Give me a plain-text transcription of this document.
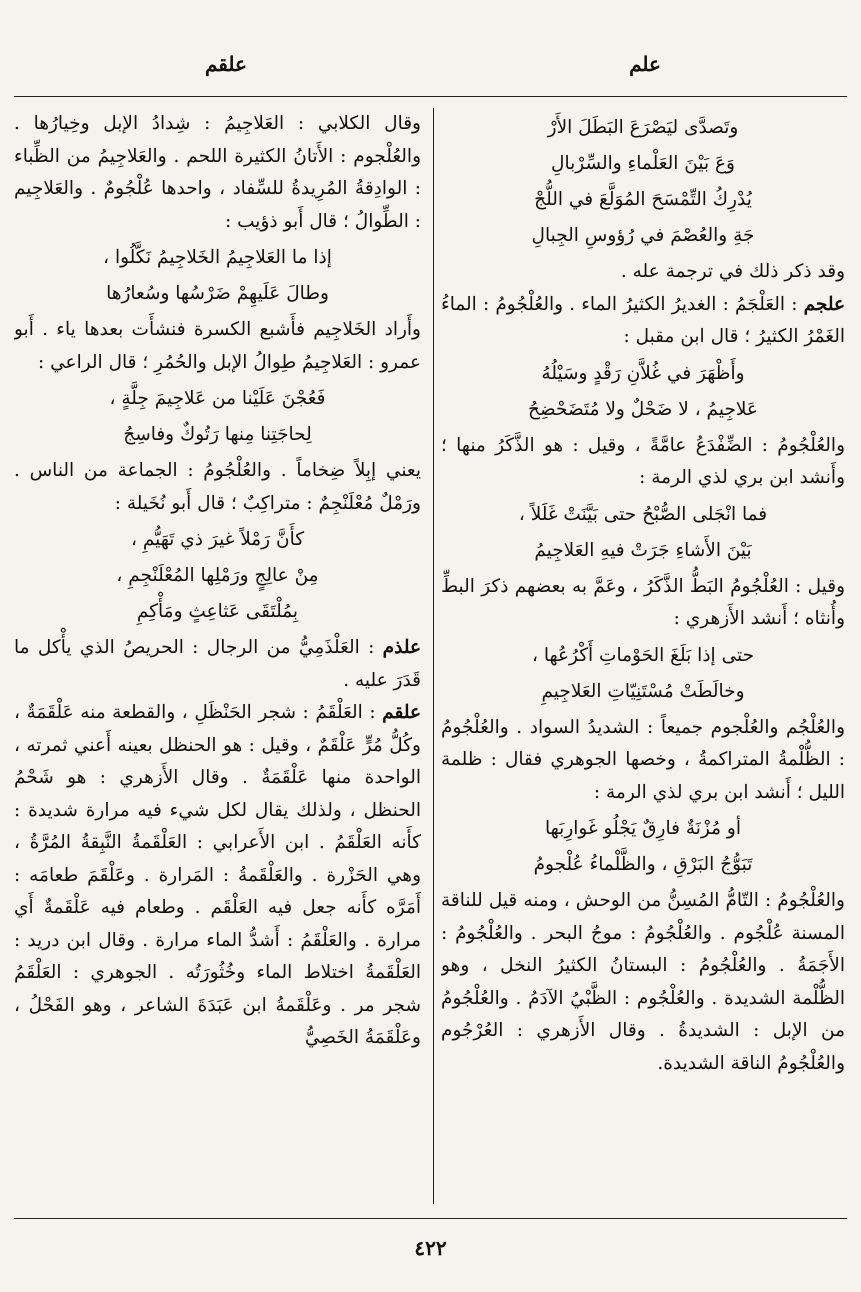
علم
علقم
وتَصدَّى ليَصْرَعَ البَطَلَ الأَرْ
وَعَ بَيْنَ العَلْماءِ والسِّرْبالِ
يُدْرِكُ التِّمْسَحَ المُوَلَّعَ في اللُّجْ
جَةِ والعُصْمَ في رُؤوسِ الجِبالِ

وقد ذكر ذلك في ترجمة عله .

علجم : العَلْجَمُ : الغديرُ الكثيرُ الماء . والعُلْجُومُ : الماءُ الغَمْرُ الكثيرُ ؛ قال ابن مقبل :

وأَظْهَرَ في غُلاَّنِ رَقْدٍ وسَيْلُهُ
عَلاجِيمُ ، لا ضَحْلٌ ولا مُتَضَحْضِحُ

والعُلْجُومُ : الضِّفْدَعُ عامَّةً ، وقيل : هو الذَّكَرُ منها ؛ وأَنشد ابن بري لذي الرمة :

فما انْجَلى الصُّبْحُ حتى بَيَّنَتْ غَلَلاً ،
بَيْنَ الأَشاءِ جَرَتْ فيهِ العَلاجِيمُ

وقيل : العُلْجُومُ البَطُّ الذَّكَرُ ، وعَمَّ به بعضهم ذكرَ البطِّ وأُنثاه ؛ أَنشد الأَزهري :

حتى إذا بَلَغَ الحَوْماتِ أَكْرُعُها ،
وخالَطَتْ مُسْتَنِيّاتِ العَلاجِيمِ

والعُلْجُم والعُلْجوم جميعاً : الشديدُ السواد . والعُلْجُومُ : الظُّلْمةُ المتراكمةُ ، وخصها الجوهري فقال : ظلمة الليل ؛ أَنشد ابن بري لذي الرمة :

أو مُزْنَةٌ فارِقٌ يَجْلُو غَوارِبَها
تَبَوُّجُ البَرْقِ ، والظَّلْماءُ عُلْجومُ

والعُلْجُومُ : التّامُّ المُسِنُّ من الوحش ، ومنه قيل للناقة المسنة عُلْجُوم . والعُلْجُومُ : موجُ البحر . والعُلْجُومُ : الأَجَمَةُ . والعُلْجُومُ : البستانُ الكثيرُ النخل ، وهو الظُّلْمة الشديدة . والعُلْجُوم : الظَّبْيُ الآدَمُ . والعُلْجُومُ من الإبل : الشديدةُ . وقال الأَزهري : العُرْجُوم والعُلْجُومُ الناقة الشديدة.

وقال الكلابي : العَلاجِيمُ : شِدادُ الإبل وخِيارُها . والعُلْجوم : الأَتانُ الكثيرة اللحم . والعَلاجِيمُ من الظِّباء : الوادِقةُ المُرِيدةُ للسِّفاد ، واحدها عُلْجُومٌ . والعَلاجِيم : الطِّوالُ ؛ قال أَبو ذؤيب :

إذا ما العَلاجِيمُ الخَلاجِيمُ نَكَّلُوا ،
وطالَ عَلَيهِمْ ضَرْسُها وسُعارُها

وأَراد الخَلاجِيم فأَشبع الكسرة فنشأَت بعدها ياء . أَبو عمرو : العَلاجِيمُ طِوالُ الإبل والحُمُرِ ؛ قال الراعي :

فَعُجْنَ عَلَيْنا من عَلاجِيمَ جِلَّةٍ ،
لِحاجَتِنا مِنها رَتُوكٌ وفاسِجُ

يعني إبِلاً ضِخاماً . والعُلْجُومُ : الجماعة من الناس . ورَمْلٌ مُعْلَنْجِمٌ : متراكِبٌ ؛ قال أَبو نُخَيلة :

كأَنَّ رَمْلاً غيرَ ذي تَهَيُّمِ ،
مِنْ عالِجٍ ورَمْلِها المُعْلَنْجِمِ ،
بِمُلْتَقَى عَثاعِثٍ ومَأْكِمِ

علذم : العَلْذَمِيُّ من الرجال : الحريصُ الذي يأْكل ما قَدَرَ عليه .

علقم : العَلْقَمُ : شجر الحَنْظَلِ ، والقطعة منه عَلْقَمَةٌ ، وكُلُّ مُرٍّ عَلْقَمٌ ، وقيل : هو الحنظل بعينه أَعني ثمرته ، الواحدة منها عَلْقَمَةٌ . وقال الأَزهري : هو شَحْمُ الحنظل ، ولذلك يقال لكل شيء فيه مرارة شديدة : كأَنه العَلْقَمُ . ابن الأَعرابي : العَلْقَمةُ النَّبِقةُ المُرَّةُ ، وهي الحَزْرة . والعَلْقَمةُ : المَرارة . وعَلْقَمَ طعامَه : أَمَرَّه كأَنه جعل فيه العَلْقَم . وطعام فيه عَلْقَمةٌ أَي مرارة . والعَلْقَمُ : أَشدُّ الماء مرارة . وقال ابن دريد : العَلْقَمةُ اختلاط الماء وخُثُورَتُه . الجوهري : العَلْقَمُ شجر مر . وعَلْقَمةُ ابن عَبَدَةَ الشاعر ، وهو الفَحْلُ ، وعَلْقَمَةُ الخَصِيُّ

٤٢٢
